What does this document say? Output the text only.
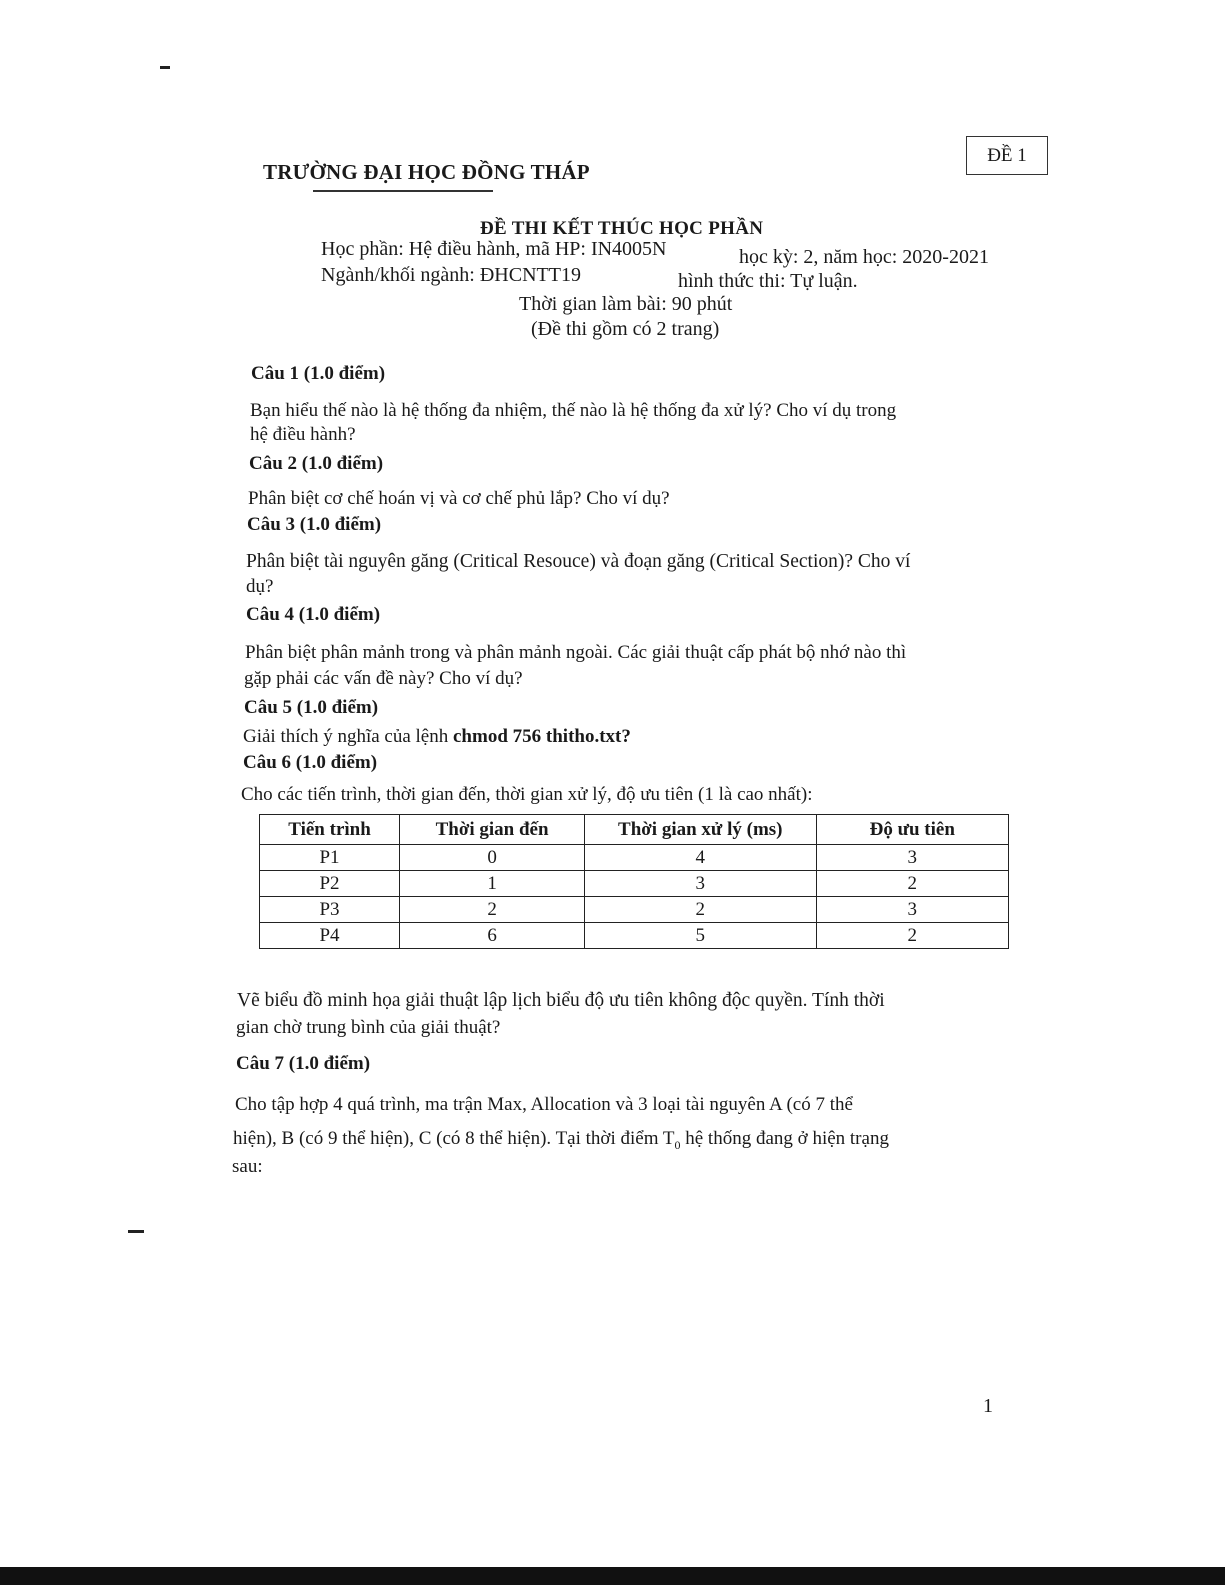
ĐỀ 1
TRƯỜNG ĐẠI HỌC ĐỒNG THÁP
ĐỀ THI KẾT THÚC HỌC PHẦN
Học phần: Hệ điều hành, mã HP: IN4005N	học kỳ: 2, năm học: 2020-2021
Ngành/khối ngành: ĐHCNTT19	hình thức thi: Tự luận.
Thời gian làm bài: 90 phút
(Đề thi gồm có 2 trang)
Câu 1 (1.0 điểm)
Bạn hiểu thế nào là hệ thống đa nhiệm, thế nào là hệ thống đa xử lý? Cho ví dụ trong
hệ điều hành?
Câu 2 (1.0 điểm)
Phân biệt cơ chế hoán vị và cơ chế phủ lắp? Cho ví dụ?
Câu 3 (1.0 điểm)
Phân biệt tài nguyên găng (Critical Resouce) và đoạn găng (Critical Section)? Cho ví
dụ?
Câu 4 (1.0 điểm)
Phân biệt phân mảnh trong và phân mảnh ngoài. Các giải thuật cấp phát bộ nhớ nào thì
gặp phải các vấn đề này? Cho ví dụ?
Câu 5 (1.0 điểm)
Giải thích ý nghĩa của lệnh chmod 756 thitho.txt?
Câu 6 (1.0 điểm)
Cho các tiến trình, thời gian đến, thời gian xử lý, độ ưu tiên (1 là cao nhất):
Tiến trình	Thời gian đến	Thời gian xử lý (ms)	Độ ưu tiên
P1	0	4	3
P2	1	3	2
P3	2	2	3
P4	6	5	2
Vẽ biểu đồ minh họa giải thuật lập lịch biểu độ ưu tiên không độc quyền. Tính thời
gian chờ trung bình của giải thuật?
Câu 7 (1.0 điểm)
Cho tập hợp 4 quá trình, ma trận Max, Allocation và 3 loại tài nguyên A (có 7 thể
hiện), B (có 9 thể hiện), C (có 8 thể hiện). Tại thời điểm $T_0$ hệ thống đang ở hiện trạng
sau:
1
